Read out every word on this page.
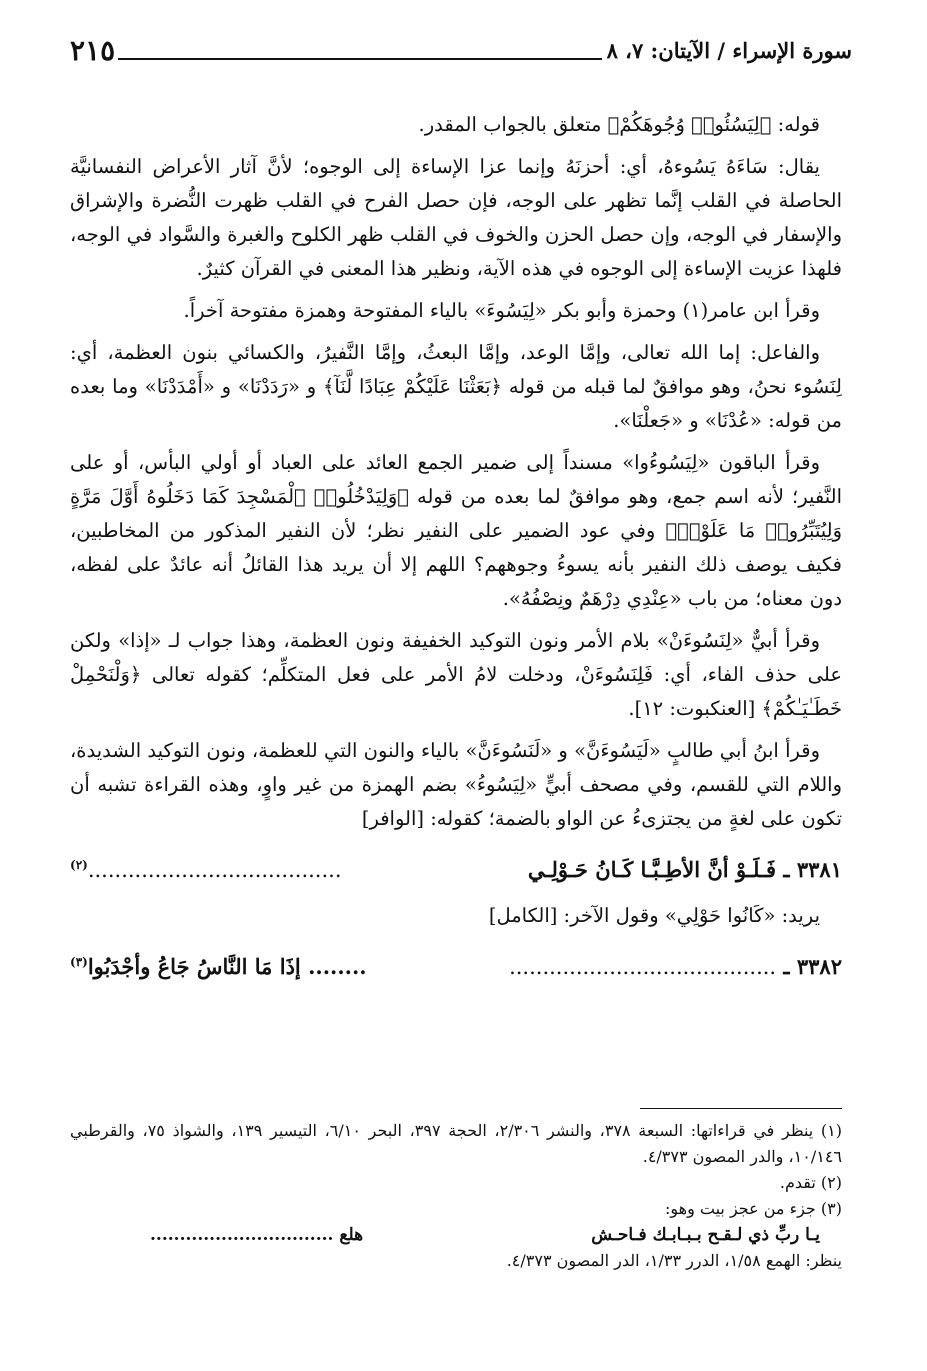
٢١٥	سورة الإسراء / الآيتان: ٧، ٨

قوله: ﴿لِيَسُئُوا۟ وُجُوهَكُمْ﴾ متعلق بالجواب المقدر.

يقال: سَاءَهُ يَسُوءهُ، أي: أحزنَهُ وإنما عزا الإساءة إلى الوجوه؛ لأنَّ آثار الأعراض النفسانيَّة الحاصلة في القلب إنَّما تظهر على الوجه، فإن حصل الفرح في القلب ظهرت النُّضرة والإشراق والإسفار في الوجه، وإن حصل الحزن والخوف في القلب ظهر الكلوح والغبرة والسَّواد في الوجه، فلهذا عزيت الإساءة إلى الوجوه في هذه الآية، ونظير هذا المعنى في القرآن كثيرٌ.

وقرأ ابن عامر(١) وحمزة وأبو بكر «لِيَسُوءَ» بالياء المفتوحة وهمزة مفتوحة آخراً.

والفاعل: إما الله تعالى، وإمَّا الوعد، وإمَّا البعثُ، وإمَّا النَّفيرُ، والكسائي بنون العظمة، أي: لِنَسُوء نحنُ، وهو موافقٌ لما قبله من قوله ﴿بَعَثْنَا عَلَيْكُمْ عِبَادًا لَّنَآ﴾ و «رَدَدْنَا» و «أَمْدَدْنَا» وما بعده من قوله: «عُدْنَا» و «جَعلْنَا».

وقرأ الباقون «لِيَسُوءُوا» مسنداً إلى ضمير الجمع العائد على العباد أو أولي البأس، أو على النَّفير؛ لأنه اسم جمع، وهو موافقٌ لما بعده من قوله ﴿وَلِيَدْخُلُوا۟ ٱلْمَسْجِدَ كَمَا دَخَلُوهُ أَوَّلَ مَرَّةٍ وَلِيُتَبِّرُوا۟ مَا عَلَوْا۟﴾ وفي عود الضمير على النفير نظر؛ لأن النفير المذكور من المخاطبين، فكيف يوصف ذلك النفير بأنه يسوءُ وجوههم؟ اللهم إلا أن يريد هذا القائلُ أنه عائدٌ على لفظه، دون معناه؛ من باب «عِنْدِي دِرْهَمٌ ونِصْفُهُ».

وقرأ أبيٌّ «لِنَسُوءَنْ» بلام الأمر ونون التوكيد الخفيفة ونون العظمة، وهذا جواب لـ «إذا» ولكن على حذف الفاء، أي: فَلِنَسُوءَنْ، ودخلت لامُ الأمر على فعل المتكلِّم؛ كقوله تعالى ﴿وَلْنَحْمِلْ خَطَـٰيَـٰكُمْ﴾ [العنكبوت: ١٢].

وقرأ ابنُ أبي طالبٍ «لَيَسُوءَنَّ» و «لَنَسُوءَنَّ» بالياء والنون التي للعظمة، ونون التوكيد الشديدة، واللام التي للقسم، وفي مصحف أبيٍّ «لِيَسُوءُ» بضم الهمزة من غير واوٍ، وهذه القراءة تشبه أن تكون على لغةٍ من يجتزىءُ عن الواو بالضمة؛ كقوله: [الوافر]

٣٣٨١ ـ فَـلَـوْ أنَّ الأطِـبَّـا كَـانُ حَـوْلِـي
......................................$^{(٢)}$

يريد: «كَانُوا حَوْلِي» وقول الآخر: [الكامل]

٣٣٨٢ ـ ........................................
........ إذَا مَا النَّاسُ جَاعُ وأجْدَبُوا$^{(٣)}$

(١) ينظر في قراءاتها: السبعة ٣٧٨، والنشر ٢/٣٠٦، الحجة ٣٩٧، البحر ٦/١٠، التيسير ١٣٩، والشواذ ٧٥، والقرطبي ١٠/١٤٦، والدر المصون ٤/٣٧٣.

(٢) تقدم.

(٣) جزء من عجز بيت وهو:

يـا ربِّ ذي لـقـح بـبـابـك فـاحـش
هلع ...............................

ينظر: الهمع ١/٥٨، الدرر ١/٣٣، الدر المصون ٤/٣٧٣.
